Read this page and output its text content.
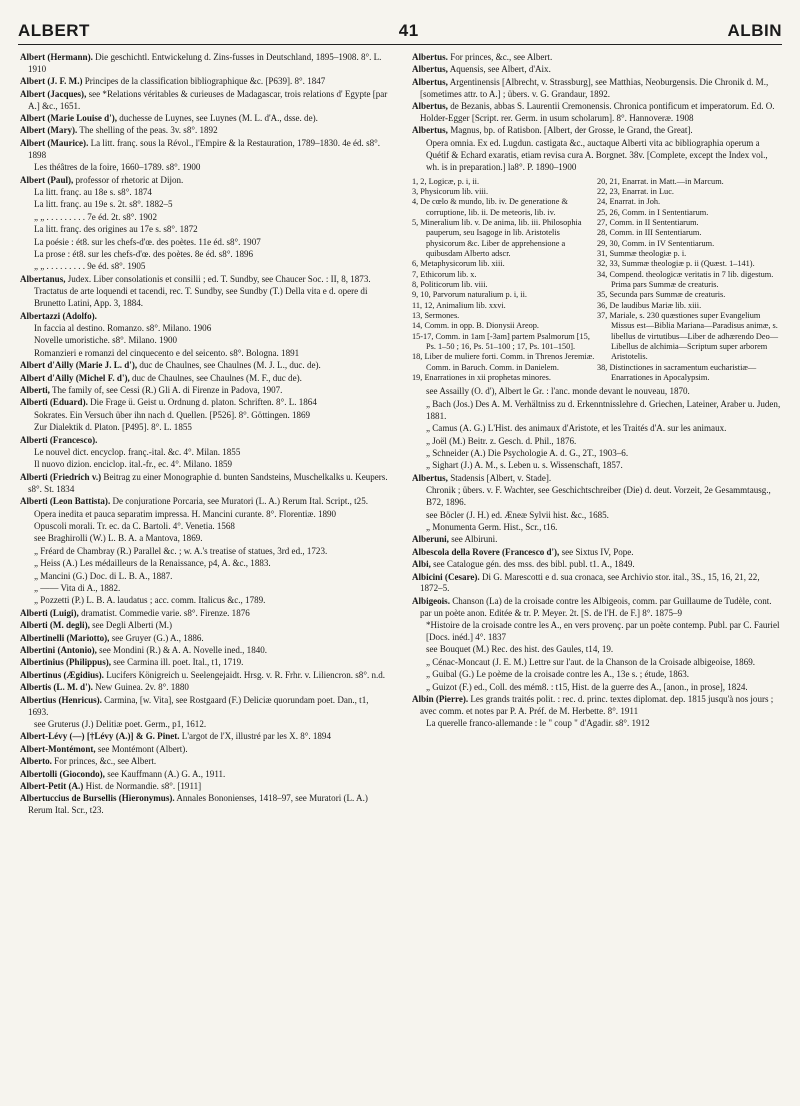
ALBERT	41	ALBIN

Albert (Hermann). Die geschichtl. Entwickelung d. Zins-fusses in Deutschland, 1895–1908. 8°. L. 1910

Albert (J. F. M.) Principes de la classification bibliographique &c. [P639]. 8°. 1847

Albert (Jacques), see *Relations véritables & curieuses de Madagascar, trois relations d' Egypte [par A.] &c., 1651.

Albert (Marie Louise d'), duchesse de Luynes, see Luynes (M. L. d'A., dsse. de).

Albert (Mary). The shelling of the peas. 3v. s8°. 1892

Albert (Maurice). La litt. franç. sous la Révol., l'Empire & la Restauration, 1789–1830. 4e éd. s8°. 1898

Les théâtres de la foire, 1660–1789. s8°. 1900

Albert (Paul), professor of rhetoric at Dijon.

La litt. franç. au 18e s. s8°. 1874

La litt. franç. au 19e s. 2t. s8°. 1882–5

„ „ . . . . . . . . . 7e éd. 2t. s8°. 1902

La litt. franç. des origines au 17e s. s8°. 1872

La poésie : ét8. sur les chefs-d'œ. des poètes. 11e éd. s8°. 1907

La prose : ét8. sur les chefs-d'œ. des poètes. 8e éd. s8°. 1896

„ „ . . . . . . . . . 9e éd. s8°. 1905

Albertanus, Judex. Liber consolationis et consilii ; ed. T. Sundby, see Chaucer Soc. : II, 8, 1873.

Tractatus de arte loquendi et tacendi, rec. T. Sundby, see Sundby (T.) Della vita e d. opere di Brunetto Latini, App. 3, 1884.

Albertazzi (Adolfo).

In faccia al destino. Romanzo. s8°. Milano. 1906

Novelle umoristiche. s8°. Milano. 1900

Romanzieri e romanzi del cinquecento e del seicento. s8°. Bologna. 1891

Albert d'Ailly (Marie J. L. d'), duc de Chaulnes, see Chaulnes (M. J. L., duc. de).

Albert d'Ailly (Michel F. d'), duc de Chaulnes, see Chaulnes (M. F., duc de).

Alberti, The family of, see Cessi (R.) Gli A. di Firenze in Padova, 1907.

Alberti (Eduard). Die Frage ü. Geist u. Ordnung d. platon. Schriften. 8°. L. 1864

Sokrates. Ein Versuch über ihn nach d. Quellen. [P526]. 8°. Göttingen. 1869

Zur Dialektik d. Platon. [P495]. 8°. L. 1855

Alberti (Francesco).

Le nouvel dict. encyclop. franç.-ital. &c. 4°. Milan. 1855

Il nuovo dizion. enciclop. ital.-fr., ec. 4°. Milano. 1859

Alberti (Friedrich v.) Beitrag zu einer Monographie d. bunten Sandsteins, Muschelkalks u. Keupers. s8°. St. 1834

Alberti (Leon Battista). De conjuratione Porcaria, see Muratori (L. A.) Rerum Ital. Script., t25.

Opera inedita et pauca separatim impressa. H. Mancini curante. 8°. Florentiæ. 1890

Opuscoli morali. Tr. ec. da C. Bartoli. 4°. Venetia. 1568

see Braghirolli (W.) L. B. A. a Mantova, 1869.

„ Fréard de Chambray (R.) Parallel &c. ; w. A.'s treatise of statues, 3rd ed., 1723.

„ Heiss (A.) Les médailleurs de la Renaissance, p4, A. &c., 1883.

„ Mancini (G.) Doc. di L. B. A., 1887.

„ —— Vita di A., 1882.

„ Pozzetti (P.) L. B. A. laudatus ; acc. comm. Italicus &c., 1789.

Alberti (Luigi), dramatist. Commedie varie. s8°. Firenze. 1876

Alberti (M. degli), see Degli Alberti (M.)

Albertinelli (Mariotto), see Gruyer (G.) A., 1886.

Albertini (Antonio), see Mondini (R.) & A. A. Novelle ined., 1840.

Albertinius (Philippus), see Carmina ill. poet. Ital., t1, 1719.

Albertinus (Ægidius). Lucifers Königreich u. Seelengejaidt. Hrsg. v. R. Frhr. v. Liliencron. s8°. n.d.

Albertis (L. M. d'). New Guinea. 2v. 8°. 1880

Albertius (Henricus). Carmina, [w. Vita], see Rostgaard (F.) Deliciæ quorundam poet. Dan., t1, 1693.

see Gruterus (J.) Delitiæ poet. Germ., p1, 1612.

Albert-Lévy (—) [†Lévy (A.)] & G. Pinet. L'argot de l'X, illustré par les X. 8°. 1894

Albert-Montémont, see Montémont (Albert).

Alberto. For princes, &c., see Albert.

Albertolli (Giocondo), see Kauffmann (A.) G. A., 1911.

Albert-Petit (A.) Hist. de Normandie. s8°. [1911]

Albertuccius de Bursellis (Hieronymus). Annales Bononienses, 1418–97, see Muratori (L. A.) Rerum Ital. Scr., t23.

Albertus. For princes, &c., see Albert.

Albertus, Aquensis, see Albert, d'Aix.

Albertus, Argentinensis [Albrecht, v. Strassburg], see Matthias, Neoburgensis. Die Chronik d. M., [sometimes attr. to A.] ; übers. v. G. Grandaur, 1892.

Albertus, de Bezanis, abbas S. Laurentii Cremonensis. Chronica pontificum et imperatorum. Ed. O. Holder-Egger [Script. rer. Germ. in usum scholarum]. 8°. Hannoveræ. 1908

Albertus, Magnus, bp. of Ratisbon. [Albert, der Grosse, le Grand, the Great].

Opera omnia. Ex ed. Lugdun. castigata &c., auctaque Alberti vita ac bibliographia operum a Quétif & Echard exaratis, etiam revisa cura A. Borgnet. 38v. [Complete, except the Index vol., wh. is in preparation.] la8°. P. 1890–1900

1, 2, Logicæ, p. i, ii.

3, Physicorum lib. viii.

4, De cœlo & mundo, lib. iv. De generatione & corruptione, lib. ii. De meteoris, lib. iv.

5, Mineralium lib. v. De anima, lib. iii. Philosophia pauperum, seu Isagoge in lib. Aristotelis physicorum &c. Liber de apprehensione a quibusdam Alberto adscr.

6, Metaphysicorum lib. xiii.

7, Ethicorum lib. x.

8, Politicorum lib. viii.

9, 10, Parvorum naturalium p. i, ii.

11, 12, Animalium lib. xxvi.

13, Sermones.

14, Comm. in opp. B. Dionysii Areop.

15-17, Comm. in 1am [-3am] partem Psalmorum [15, Ps. 1–50 ; 16, Ps. 51–100 ; 17, Ps. 101–150].

18, Liber de muliere forti. Comm. in Threnos Jeremiæ. Comm. in Baruch. Comm. in Danielem.

19, Enarrationes in xii prophetas minores.

20, 21, Enarrat. in Matt.—in Marcum.

22, 23, Enarrat. in Luc.

24, Enarrat. in Joh.

25, 26, Comm. in I Sententiarum.

27, Comm. in II Sententiarum.

28, Comm. in III Sententiarum.

29, 30, Comm. in IV Sententiarum.

31, Summæ theologiæ p. i.

32, 33, Summæ theologiæ p. ii (Quæst. 1–141).

34, Compend. theologicæ veritatis in 7 lib. digestum. Prima pars Summæ de creaturis.

35, Secunda pars Summæ de creaturis.

36, De laudibus Mariæ lib. xiii.

37, Mariale, s. 230 quæstiones super Evangelium Missus est—Biblia Mariana—Paradisus animæ, s. libellus de virtutibus—Liber de adhærendo Deo—Libellus de alchimia—Scriptum super arborem Aristotelis.

38, Distinctiones in sacramentum eucharistiæ—Enarrationes in Apocalypsim.

see Assailly (O. d'), Albert le Gr. : l'anc. monde devant le nouveau, 1870.

„ Bach (Jos.) Des A. M. Verhältniss zu d. Erkenntnisslehre d. Griechen, Lateiner, Araber u. Juden, 1881.

„ Camus (A. G.) L'Hist. des animaux d'Aristote, et les Traités d'A. sur les animaux.

„ Joël (M.) Beitr. z. Gesch. d. Phil., 1876.

„ Schneider (A.) Die Psychologie A. d. G., 2T., 1903–6.

„ Sighart (J.) A. M., s. Leben u. s. Wissenschaft, 1857.

Albertus, Stadensis [Albert, v. Stade].

Chronik ; übers. v. F. Wachter, see Geschichtschreiber (Die) d. deut. Vorzeit, 2e Gesammtausg., B72, 1896.

see Böcler (J. H.) ed. Æneæ Sylvii hist. &c., 1685.

„ Monumenta Germ. Hist., Scr., t16.

Alberuni, see Albiruni.

Albescola della Rovere (Francesco d'), see Sixtus IV, Pope.

Albi, see Catalogue gén. des mss. des bibl. publ. t1. A., 1849.

Albicini (Cesare). Di G. Marescotti e d. sua cronaca, see Archivio stor. ital., 3S., 15, 16, 21, 22, 1872–5.

Albigeois. Chanson (La) de la croisade contre les Albigeois, comm. par Guillaume de Tudèle, cont. par un poète anon. Editée & tr. P. Meyer. 2t. [S. de l'H. de F.] 8°. 1875–9

*Histoire de la croisade contre les A., en vers provenç. par un poète contemp. Publ. par C. Fauriel [Docs. inéd.] 4°. 1837

see Bouquet (M.) Rec. des hist. des Gaules, t14, 19.

„ Cénac-Moncaut (J. E. M.) Lettre sur l'aut. de la Chanson de la Croisade albigeoise, 1869.

„ Guibal (G.) Le poème de la croisade contre les A., 13e s. ; étude, 1863.

„ Guizot (F.) ed., Coll. des mém8. : t15, Hist. de la guerre des A., [anon., in prose], 1824.

Albin (Pierre). Les grands traités polit. : rec. d. princ. textes diplomat. dep. 1815 jusqu'à nos jours ; avec comm. et notes par P. A. Préf. de M. Herbette. 8°. 1911

La querelle franco-allemande : le " coup " d'Agadir. s8°. 1912
